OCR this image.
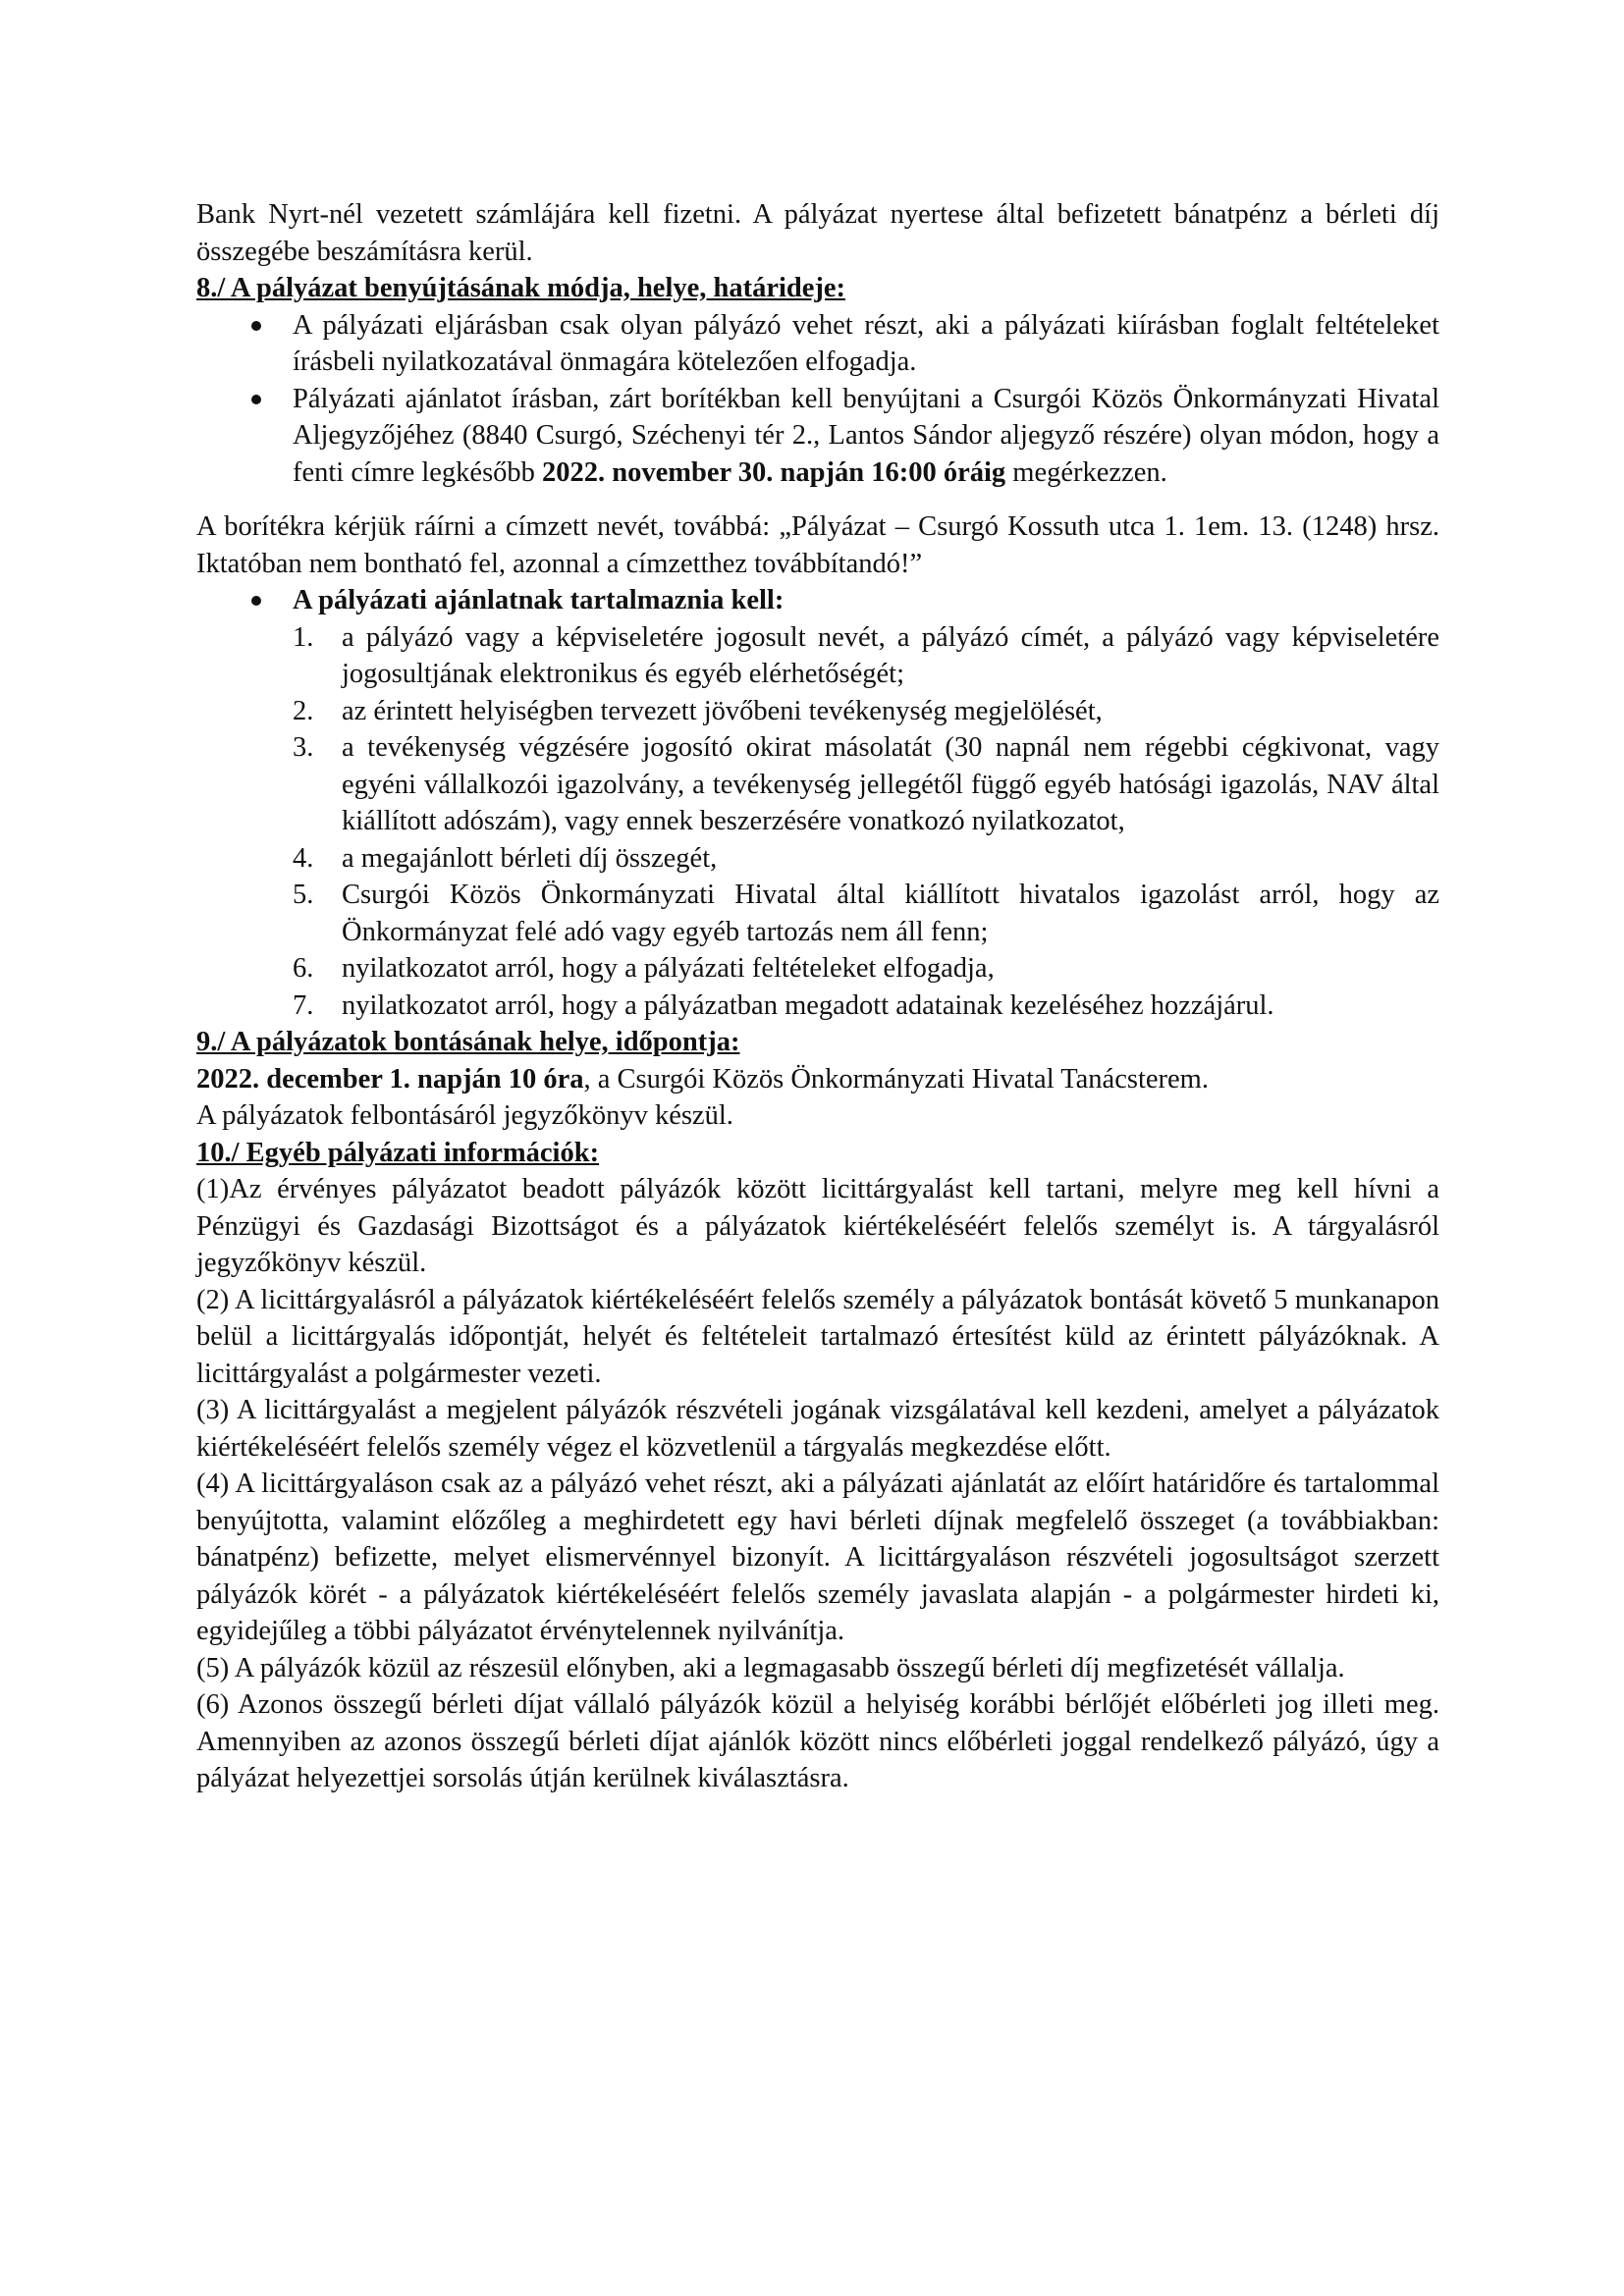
Bank Nyrt-nél vezetett számlájára kell fizetni. A pályázat nyertese által befizetett bánatpénz a bérleti díj összegébe beszámításra kerül.

8./ A pályázat benyújtásának módja, helye, határideje:

A pályázati eljárásban csak olyan pályázó vehet részt, aki a pályázati kiírásban foglalt feltételeket írásbeli nyilatkozatával önmagára kötelezően elfogadja.
Pályázati ajánlatot írásban, zárt borítékban kell benyújtani a Csurgói Közös Önkormányzati Hivatal Aljegyzőjéhez (8840 Csurgó, Széchenyi tér 2., Lantos Sándor aljegyző részére) olyan módon, hogy a fenti címre legkésőbb 2022. november 30. napján 16:00 óráig megérkezzen.

A borítékra kérjük ráírni a címzett nevét, továbbá: „Pályázat – Csurgó Kossuth utca 1. 1em. 13. (1248) hrsz. Iktatóban nem bontható fel, azonnal a címzetthez továbbítandó!”

A pályázati ajánlatnak tartalmaznia kell:
1. a pályázó vagy a képviseletére jogosult nevét, a pályázó címét, a pályázó vagy képviseletére jogosultjának elektronikus és egyéb elérhetőségét;
2. az érintett helyiségben tervezett jövőbeni tevékenység megjelölését,
3. a tevékenység végzésére jogosító okirat másolatát (30 napnál nem régebbi cégkivonat, vagy egyéni vállalkozói igazolvány, a tevékenység jellegétől függő egyéb hatósági igazolás, NAV által kiállított adószám), vagy ennek beszerzésére vonatkozó nyilatkozatot,
4. a megajánlott bérleti díj összegét,
5. Csurgói Közös Önkormányzati Hivatal által kiállított hivatalos igazolást arról, hogy az Önkormányzat felé adó vagy egyéb tartozás nem áll fenn;
6. nyilatkozatot arról, hogy a pályázati feltételeket elfogadja,
7. nyilatkozatot arról, hogy a pályázatban megadott adatainak kezeléséhez hozzájárul.

9./ A pályázatok bontásának helye, időpontja:

2022. december 1. napján 10 óra, a Csurgói Közös Önkormányzati Hivatal Tanácsterem.

A pályázatok felbontásáról jegyzőkönyv készül.

10./ Egyéb pályázati információk:

(1)Az érvényes pályázatot beadott pályázók között licittárgyalást kell tartani, melyre meg kell hívni a Pénzügyi és Gazdasági Bizottságot és a pályázatok kiértékeléséért felelős személyt is. A tárgyalásról jegyzőkönyv készül.

(2) A licittárgyalásról a pályázatok kiértékeléséért felelős személy a pályázatok bontását követő 5 munkanapon belül a licittárgyalás időpontját, helyét és feltételeit tartalmazó értesítést küld az érintett pályázóknak. A licittárgyalást a polgármester vezeti.

(3) A licittárgyalást a megjelent pályázók részvételi jogának vizsgálatával kell kezdeni, amelyet a pályázatok kiértékeléséért felelős személy végez el közvetlenül a tárgyalás megkezdése előtt.

(4) A licittárgyaláson csak az a pályázó vehet részt, aki a pályázati ajánlatát az előírt határidőre és tartalommal benyújtotta, valamint előzőleg a meghirdetett egy havi bérleti díjnak megfelelő összeget (a továbbiakban: bánatpénz) befizette, melyet elismervénnyel bizonyít. A licittárgyaláson részvételi jogosultságot szerzett pályázók körét - a pályázatok kiértékeléséért felelős személy javaslata alapján - a polgármester hirdeti ki, egyidejűleg a többi pályázatot érvénytelennek nyilvánítja.

(5) A pályázók közül az részesül előnyben, aki a legmagasabb összegű bérleti díj megfizetését vállalja.

(6) Azonos összegű bérleti díjat vállaló pályázók közül a helyiség korábbi bérlőjét előbérleti jog illeti meg. Amennyiben az azonos összegű bérleti díjat ajánlók között nincs előbérleti joggal rendelkező pályázó, úgy a pályázat helyezettjei sorsolás útján kerülnek kiválasztásra.
